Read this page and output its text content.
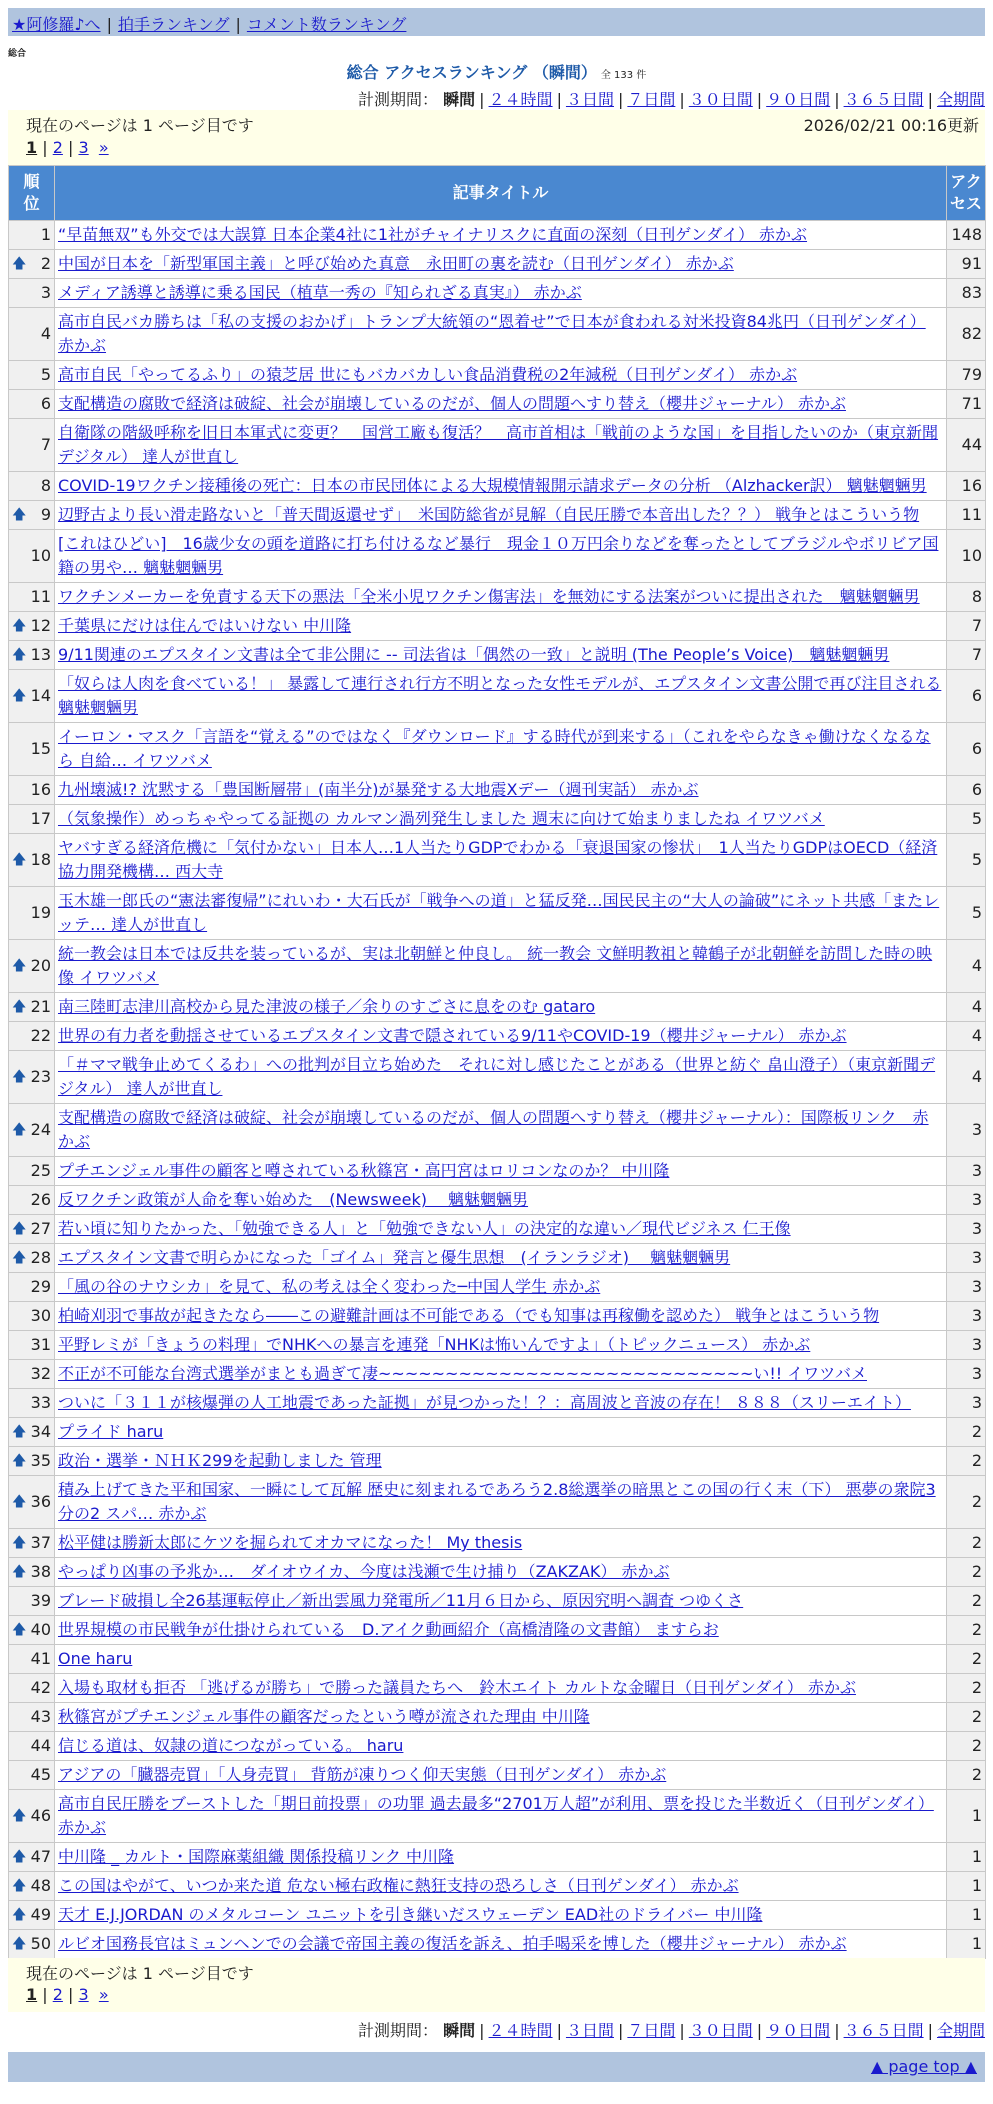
★阿修羅♪へ | 拍手ランキング | コメント数ランキング
総合
総合 アクセスランキング （瞬間） 全 133 件
計測期間： 瞬間 | ２４時間 | ３日間 | ７日間 | ３０日間 | ９０日間 | ３６５日間 | 全期間
現在のページは 1 ページ目です	2026/02/21 00:16更新
1 | 2 | 3 »
順位	記事タイトル	アクセス
1	“早苗無双”も外交では大誤算 日本企業4社に1社がチャイナリスクに直面の深刻（日刊ゲンダイ） 赤かぶ	148

🡅 2	中国が日本を「新型軍国主義」と呼び始めた真意　永田町の裏を読む（日刊ゲンダイ） 赤かぶ	91
3	メディア誘導と誘導に乗る国民（植草一秀の『知られざる真実』） 赤かぶ	83
4	高市自民バカ勝ちは「私の支援のおかげ」トランプ大統領の“恩着せ”で日本が食われる対米投資84兆円（日刊ゲンダイ） 赤かぶ	82
5	高市自民「やってるふり」の猿芝居 世にもバカバカしい食品消費税の2年減税（日刊ゲンダイ） 赤かぶ	79
6	支配構造の腐敗で経済は破綻、社会が崩壊しているのだが、個人の問題へすり替え（櫻井ジャーナル） 赤かぶ	71
7	自衛隊の階級呼称を旧日本軍式に変更？　国営工廠も復活？　高市首相は「戦前のような国」を目指したいのか（東京新聞デジタル） 達人が世直し	44
8	COVID-19ワクチン接種後の死亡：日本の市民団体による大規模情報開示請求データの分析 （Alzhacker訳） 魑魅魍魎男	16

🡅 9	辺野古より長い滑走路ないと「普天間返還せず」　米国防総省が見解（自民圧勝で本音出した？？） 戦争とはこういう物	11
10	[これはひどい]　16歳少女の頭を道路に打ち付けるなど暴行　現金１０万円余りなどを奪ったとしてブラジルやボリビア国籍の男や… 魑魅魍魎男	10
11	ワクチンメーカーを免責する天下の悪法「全米小児ワクチン傷害法」を無効にする法案がついに提出された　魑魅魍魎男	8

🡅 12	千葉県にだけは住んではいけない 中川隆	7

🡅 13	9/11関連のエプスタイン文書は全て非公開に -- 司法省は「偶然の一致」と説明 (The People’s Voice)　魑魅魍魎男	7

🡅 14	「奴らは人肉を食べている！」 暴露して連行され行方不明となった女性モデルが、エプスタイン文書公開で再び注目される 魑魅魍魎男	6
15	イーロン・マスク「言語を“覚える”のではなく『ダウンロード』する時代が到来する」（これをやらなきゃ働けなくなるなら 自給… イワツバメ	6
16	九州壊滅!? 沈黙する「豊国断層帯」(南半分)が暴発する大地震Xデー（週刊実話） 赤かぶ	6
17	（気象操作）めっちゃやってる証拠の カルマン渦列発生しました 週末に向けて始まりましたね イワツバメ	5

🡅 18	ヤバすぎる経済危機に「気付かない」日本人…1人当たりGDPでわかる「衰退国家の惨状」　1人当たりGDPはOECD（経済協力開発機構… 西大寺	5
19	玉木雄一郎氏の“憲法審復帰”にれいわ・大石氏が「戦争への道」と猛反発…国民民主の“大人の論破”にネット共感「またレッテ… 達人が世直し	5

🡅 20	統一教会は日本では反共を装っているが、実は北朝鮮と仲良し。 統一教会 文鮮明教祖と韓鶴子が北朝鮮を訪問した時の映像 イワツバメ	4

🡅 21	南三陸町志津川高校から見た津波の様子／余りのすごさに息をのむ gataro	4
22	世界の有力者を動揺させているエプスタイン文書で隠されている9/11やCOVID-19（櫻井ジャーナル） 赤かぶ	4

🡅 23	「＃ママ戦争止めてくるわ」への批判が目立ち始めた　それに対し感じたことがある（世界と紡ぐ 畠山澄子）（東京新聞デジタル） 達人が世直し	4

🡅 24	支配構造の腐敗で経済は破綻、社会が崩壊しているのだが、個人の問題へすり替え（櫻井ジャーナル）：国際板リンク　赤かぶ	3
25	プチエンジェル事件の顧客と噂されている秋篠宮・高円宮はロリコンなのか？ 中川隆	3
26	反ワクチン政策が人命を奪い始めた　(Newsweek)　 魑魅魍魎男	3

🡅 27	若い頃に知りたかった、「勉強できる人」と「勉強できない人」の決定的な違い／現代ビジネス 仁王像	3

🡅 28	エプスタイン文書で明らかになった「ゴイム」発言と優生思想　(イランラジオ)　 魑魅魍魎男	3
29	「風の谷のナウシカ」を見て、私の考えは全く変わった─中国人学生 赤かぶ	3
30	柏崎刈羽で事故が起きたなら――この避難計画は不可能である（でも知事は再稼働を認めた） 戦争とはこういう物	3
31	平野レミが「きょうの料理」でNHKへの暴言を連発「NHKは怖いんですよ」（トピックニュース） 赤かぶ	3
32	不正が不可能な台湾式選挙がまとも過ぎて凄~~~~~~~~~~~~~~~~~~~~~~~~~~~~い!! イワツバメ	3
33	ついに「３１１が核爆弾の人工地震であった証拠」が見つかった！？：高周波と音波の存在！ ８８８（スリーエイト）	3

🡅 34	プライド haru	2

🡅 35	政治・選挙・ＮＨＫ299を起動しました 管理	2

🡅 36	積み上げてきた平和国家、一瞬にして瓦解 歴史に刻まれるであろう2.8総選挙の暗黒とこの国の行く末（下） 悪夢の衆院3分の2 スパ… 赤かぶ	2

🡅 37	松平健は勝新太郎にケツを掘られてオカマになった！ My thesis	2

🡅 38	やっぱり凶事の予兆か…　ダイオウイカ、今度は浅瀬で生け捕り（ZAKZAK） 赤かぶ	2
39	ブレード破損し全26基運転停止／新出雲風力発電所／11月６日から、原因究明へ調査 つゆくさ	2

🡅 40	世界規模の市民戦争が仕掛けられている　D.アイク動画紹介（高橋清隆の文書館） ますらお	2
41	One haru	2
42	入場も取材も拒否 「逃げるが勝ち」で勝った議員たちへ　鈴木エイト カルトな金曜日（日刊ゲンダイ） 赤かぶ	2
43	秋篠宮がプチエンジェル事件の顧客だったという噂が流された理由 中川隆	2
44	信じる道は、奴隷の道につながっている。 haru	2
45	アジアの「臓器売買」「人身売買」 背筋が凍りつく仰天実態（日刊ゲンダイ） 赤かぶ	2

🡅 46	高市自民圧勝をブーストした「期日前投票」の功罪 過去最多“2701万人超”が利用、票を投じた半数近く（日刊ゲンダイ） 赤かぶ	1

🡅 47	中川隆 _ カルト・国際麻薬組織 関係投稿リンク 中川隆	1

🡅 48	この国はやがて、いつか来た道 危ない極右政権に熱狂支持の恐ろしさ（日刊ゲンダイ） 赤かぶ	1

🡅 49	天才 E.J.JORDAN のメタルコーン ユニットを引き継いだスウェーデン EAD社のドライバー 中川隆	1

🡅 50	ルビオ国務長官はミュンヘンでの会議で帝国主義の復活を訴え、拍手喝采を博した（櫻井ジャーナル） 赤かぶ	1
現在のページは 1 ページ目です
1 | 2 | 3 »
計測期間： 瞬間 | ２４時間 | ３日間 | ７日間 | ３０日間 | ９０日間 | ３６５日間 | 全期間
▲ page top ▲
